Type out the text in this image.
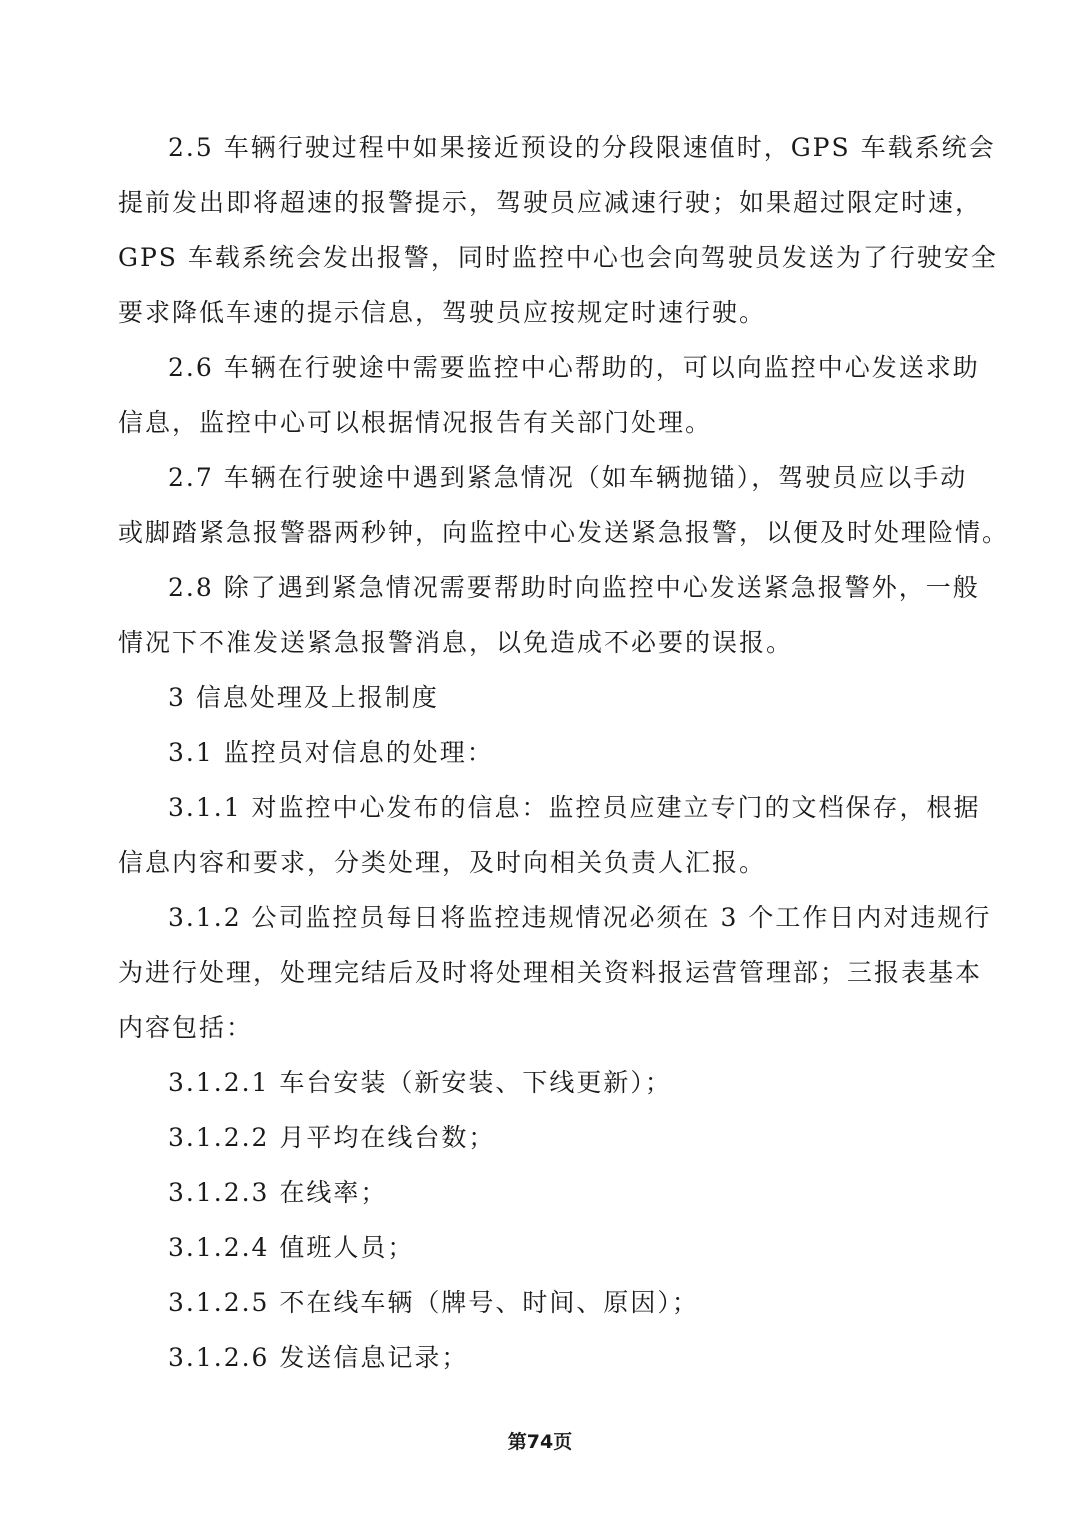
2.5 车辆行驶过程中如果接近预设的分段限速值时，GPS 车载系统会
提前发出即将超速的报警提示，驾驶员应减速行驶；如果超过限定时速，
GPS 车载系统会发出报警，同时监控中心也会向驾驶员发送为了行驶安全
要求降低车速的提示信息，驾驶员应按规定时速行驶。
2.6 车辆在行驶途中需要监控中心帮助的，可以向监控中心发送求助
信息，监控中心可以根据情况报告有关部门处理。
2.7 车辆在行驶途中遇到紧急情况（如车辆抛锚），驾驶员应以手动
或脚踏紧急报警器两秒钟，向监控中心发送紧急报警，以便及时处理险情。
2.8 除了遇到紧急情况需要帮助时向监控中心发送紧急报警外，一般
情况下不准发送紧急报警消息，以免造成不必要的误报。
3 信息处理及上报制度
3.1 监控员对信息的处理：
3.1.1 对监控中心发布的信息：监控员应建立专门的文档保存，根据
信息内容和要求，分类处理，及时向相关负责人汇报。
3.1.2 公司监控员每日将监控违规情况必须在 3 个工作日内对违规行
为进行处理，处理完结后及时将处理相关资料报运营管理部；三报表基本
内容包括：
3.1.2.1 车台安装（新安装、下线更新）；
3.1.2.2 月平均在线台数；
3.1.2.3 在线率；
3.1.2.4 值班人员；
3.1.2.5 不在线车辆（牌号、时间、原因）；
3.1.2.6 发送信息记录；
第74页
